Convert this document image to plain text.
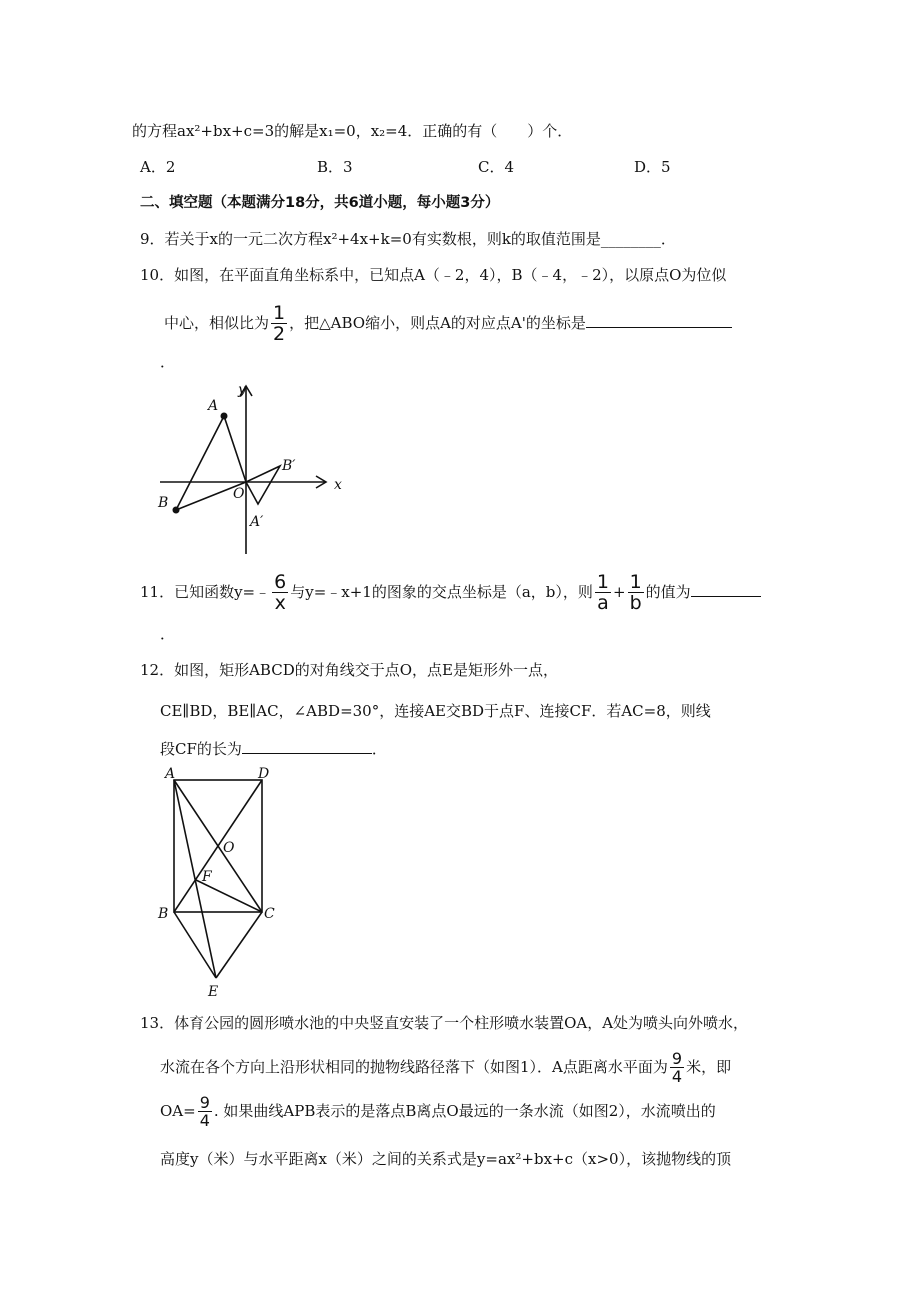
的方程ax²+bx+c=3的解是x₁=0，x₂=4．正确的有（　　）个．
A．2	B．3	C．4	D．5
二、填空题（本题满分18分，共6道小题，每小题3分）
9．若关于x的一元二次方程x²+4x+k=0有实数根，则k的取值范围是________．
10．如图，在平面直角坐标系中，已知点A（﹣2，4），B（﹣4，﹣2），以原点O为位似
中心，相似比为 $\frac{1}{2}$ ，把△ABO缩小，则点A的对应点A'的坐标是
．
y
x
A
B
O
B′
A′
11．已知函数y=﹣ $\frac{6}{x}$ 与y=﹣x+1的图象的交点坐标是（a，b），则 $\frac{1}{a} + \frac{1}{b}$ 的值为
．
12．如图，矩形ABCD的对角线交于点O，点E是矩形外一点，
CE∥BD，BE∥AC，∠ABD=30°，连接AE交BD于点F、连接CF．若AC=8，则线
段CF的长为	．
A	D
O
F
B	C
E
13．体育公园的圆形喷水池的中央竖直安装了一个柱形喷水装置OA，A处为喷头向外喷水，
水流在各个方向上沿形状相同的抛物线路径落下（如图1）．A点距离水平面为 $\frac{9}{4}$ 米，即
$OA= \frac{9}{4}$ . 如果曲线APB表示的是落点B离点O最远的一条水流（如图2），水流喷出的
高度y（米）与水平距离x（米）之间的关系式是y=ax²+bx+c（x>0），该抛物线的顶
